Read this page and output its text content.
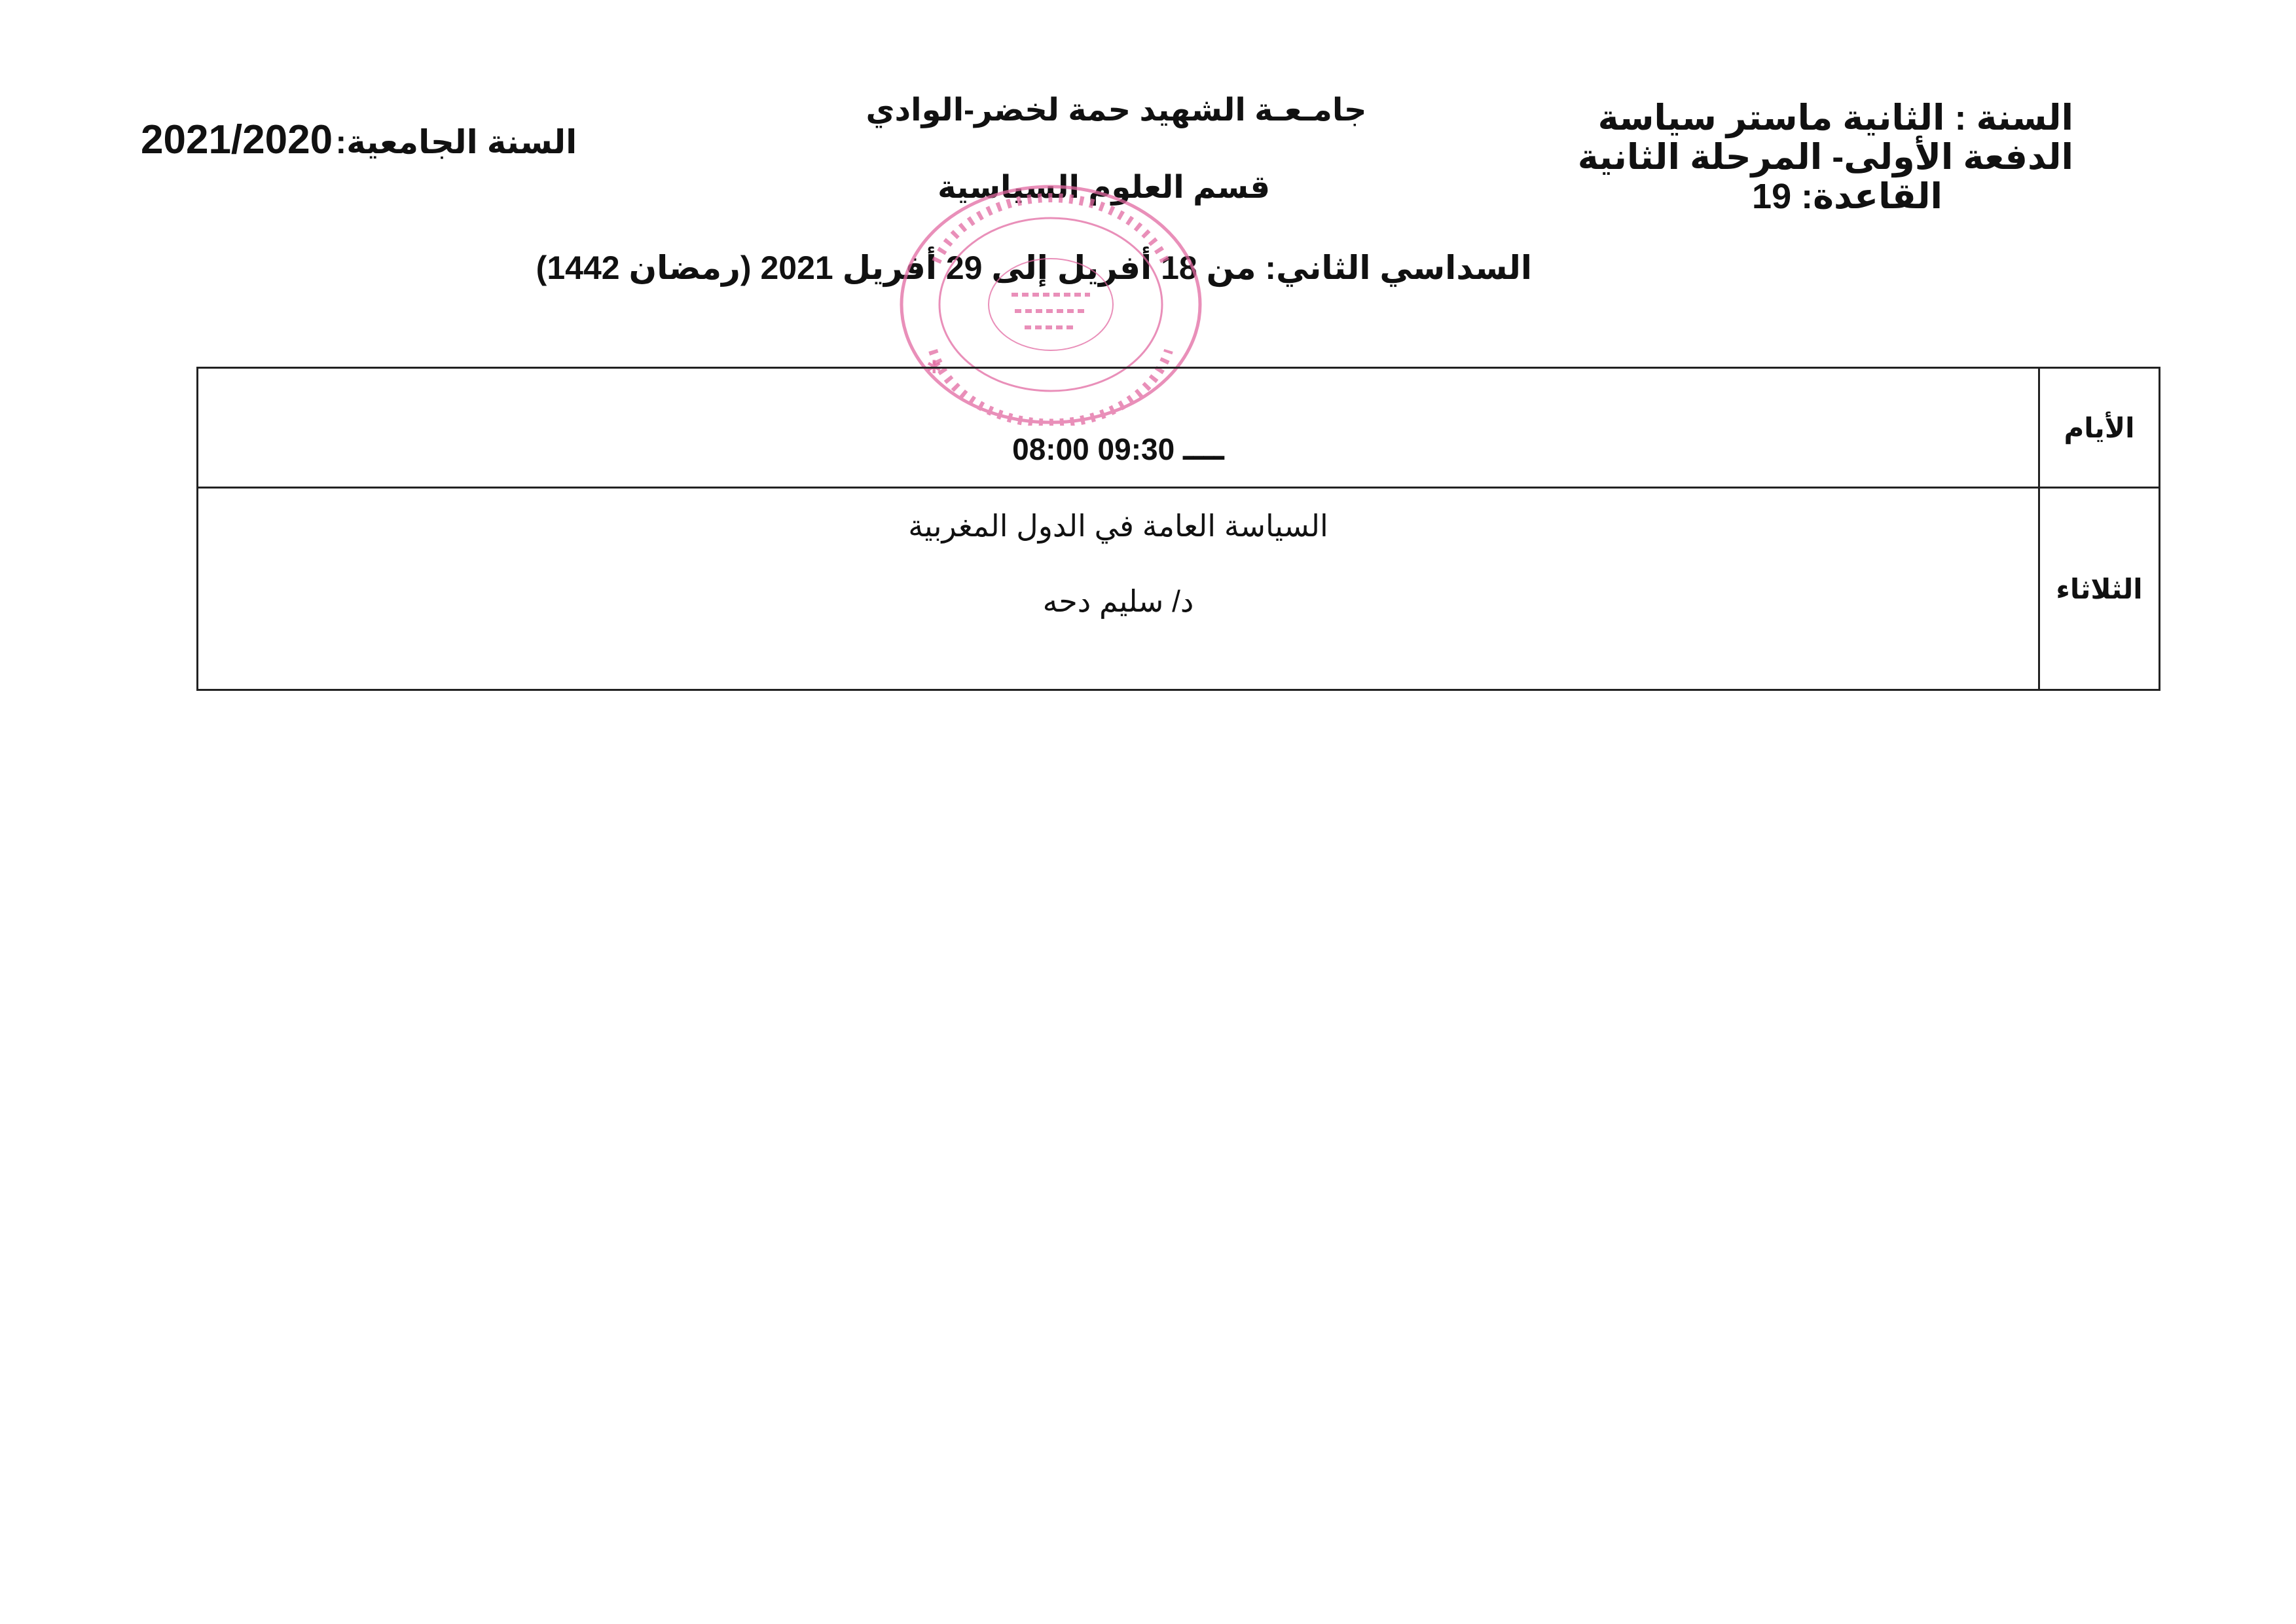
السنة : الثانية ماستر سياسة
الدفعة الأولى- المرحلة الثانية
القاعدة: 19
جامـعـة الشهيد حمة لخضر-الوادي
قسم العلوم السياسية
السداسي الثاني: من 18 أفريل إلى 29 أفريل 2021 (رمضان 1442)
السنة الجامعية: 2021/2020
✱
الأيام
08:00 ــــ 09:30
الثلاثاء
السياسة العامة في الدول المغربية
د/ سليم دحه
